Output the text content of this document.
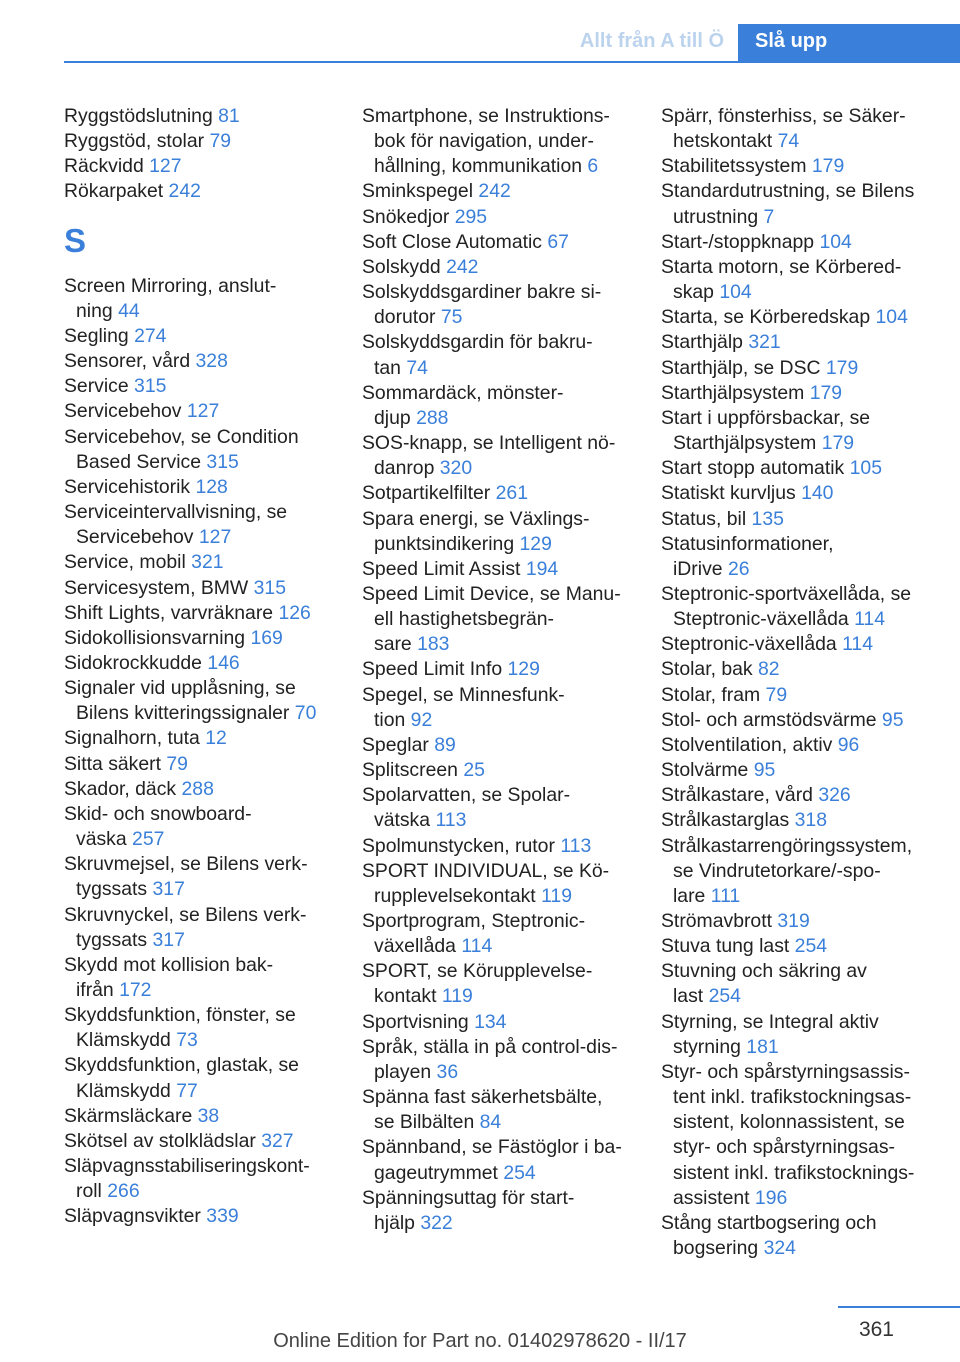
Allt från A till Ö	Slå upp
Ryggstödslutning 81
Ryggstöd, stolar 79
Räckvidd 127
Rökarpaket 242
S
Screen Mirroring, anslut‐
ning 44
Segling 274
Sensorer, vård 328
Service 315
Servicebehov 127
Servicebehov, se Condition
Based Service 315
Servicehistorik 128
Serviceintervallvisning, se
Servicebehov 127
Service, mobil 321
Servicesystem, BMW 315
Shift Lights, varvräknare 126
Sidokollisionsvarning 169
Sidokrockkudde 146
Signaler vid upplåsning, se
Bilens kvitteringssignaler 70
Signalhorn, tuta 12
Sitta säkert 79
Skador, däck 288
Skid- och snowboard‐
väska 257
Skruvmejsel, se Bilens verk‐
tygssats 317
Skruvnyckel, se Bilens verk‐
tygssats 317
Skydd mot kollision bak‐
ifrån 172
Skyddsfunktion, fönster, se
Klämskydd 73
Skyddsfunktion, glastak, se
Klämskydd 77
Skärmsläckare 38
Skötsel av stolklädslar 327
Släpvagnsstabiliseringskont‐
roll 266
Släpvagnsvikter 339
Smartphone, se Instruktions‐
bok för navigation, under‐
hållning, kommunikation 6
Sminkspegel 242
Snökedjor 295
Soft Close Automatic 67
Solskydd 242
Solskyddsgardiner bakre si‐
dorutor 75
Solskyddsgardin för bakru‐
tan 74
Sommardäck, mönster‐
djup 288
SOS-knapp, se Intelligent nö‐
danrop 320
Sotpartikelfilter 261
Spara energi, se Växlings‐
punktsindikering 129
Speed Limit Assist 194
Speed Limit Device, se Manu‐
ell hastighetsbegrän‐
sare 183
Speed Limit Info 129
Spegel, se Minnesfunk‐
tion 92
Speglar 89
Splitscreen 25
Spolarvatten, se Spolar‐
vätska 113
Spolmunstycken, rutor 113
SPORT INDIVIDUAL, se Kö‐
rupplevelsekontakt 119
Sportprogram, Steptronic-
växellåda 114
SPORT, se Körupplevelse‐
kontakt 119
Sportvisning 134
Språk, ställa in på control-dis‐
playen 36
Spänna fast säkerhetsbälte,
se Bilbälten 84
Spännband, se Fästöglor i ba‐
gageutrymmet 254
Spänningsuttag för start‐
hjälp 322
Spärr, fönsterhiss, se Säker‐
hetskontakt 74
Stabilitetssystem 179
Standardutrustning, se Bilens
utrustning 7
Start-/stoppknapp 104
Starta motorn, se Körbered‐
skap 104
Starta, se Körberedskap 104
Starthjälp 321
Starthjälp, se DSC 179
Starthjälpsystem 179
Start i uppförsbackar, se
Starthjälpsystem 179
Start stopp automatik 105
Statiskt kurvljus 140
Status, bil 135
Statusinformationer,
iDrive 26
Steptronic-sportväxellåda, se
Steptronic-växellåda 114
Steptronic-växellåda 114
Stolar, bak 82
Stolar, fram 79
Stol- och armstödsvärme 95
Stolventilation, aktiv 96
Stolvärme 95
Strålkastare, vård 326
Strålkastarglas 318
Strålkastarrengöringssystem,
se Vindrutetorkare/-spo‐
lare 111
Strömavbrott 319
Stuva tung last 254
Stuvning och säkring av
last 254
Styrning, se Integral aktiv
styrning 181
Styr- och spårstyrningsassis‐
tent inkl. trafikstockningsas‐
sistent, kolonnassistent, se
styr- och spårstyrningsas‐
sistent inkl. trafikstocknings‐
assistent 196
Stång startbogsering och
bogsering 324
361
Online Edition for Part no. 01402978620 - II/17
